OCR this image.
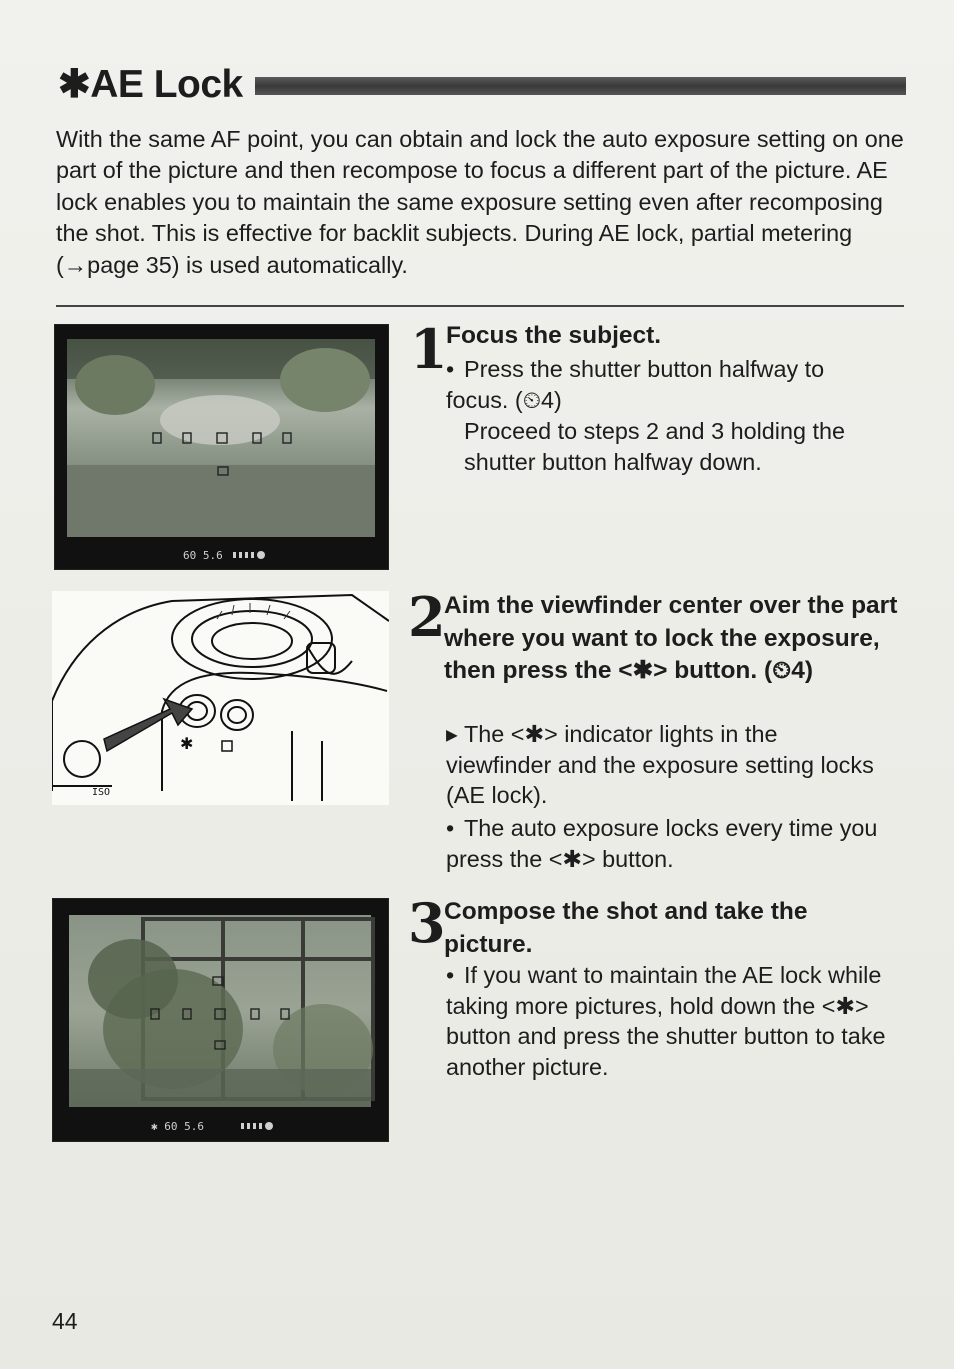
✱AE Lock
With the same AF point, you can obtain and lock the auto exposure setting on one part of the picture and then recompose to focus a different part of the picture. AE lock enables you to maintain the same exposure setting even after recomposing the shot. This is effective for backlit subjects. During AE lock, partial metering (→page 35) is used automatically.
60 5.6
✱
ISO
✱ 60 5.6
1
Focus the subject.
• Press the shutter button halfway to focus. (⏲4)
Proceed to steps 2 and 3 holding the shutter button halfway down.
2
Aim the viewfinder center over the part where you want to lock the exposure, then press the <✱> button. (⏲4)
▸ The <✱> indicator lights in the viewfinder and the exposure setting locks (AE lock).
• The auto exposure locks every time you press the <✱> button.
3
Compose the shot and take the picture.
• If you want to maintain the AE lock while taking more pictures, hold down the <✱> button and press the shutter button to take another picture.
44
